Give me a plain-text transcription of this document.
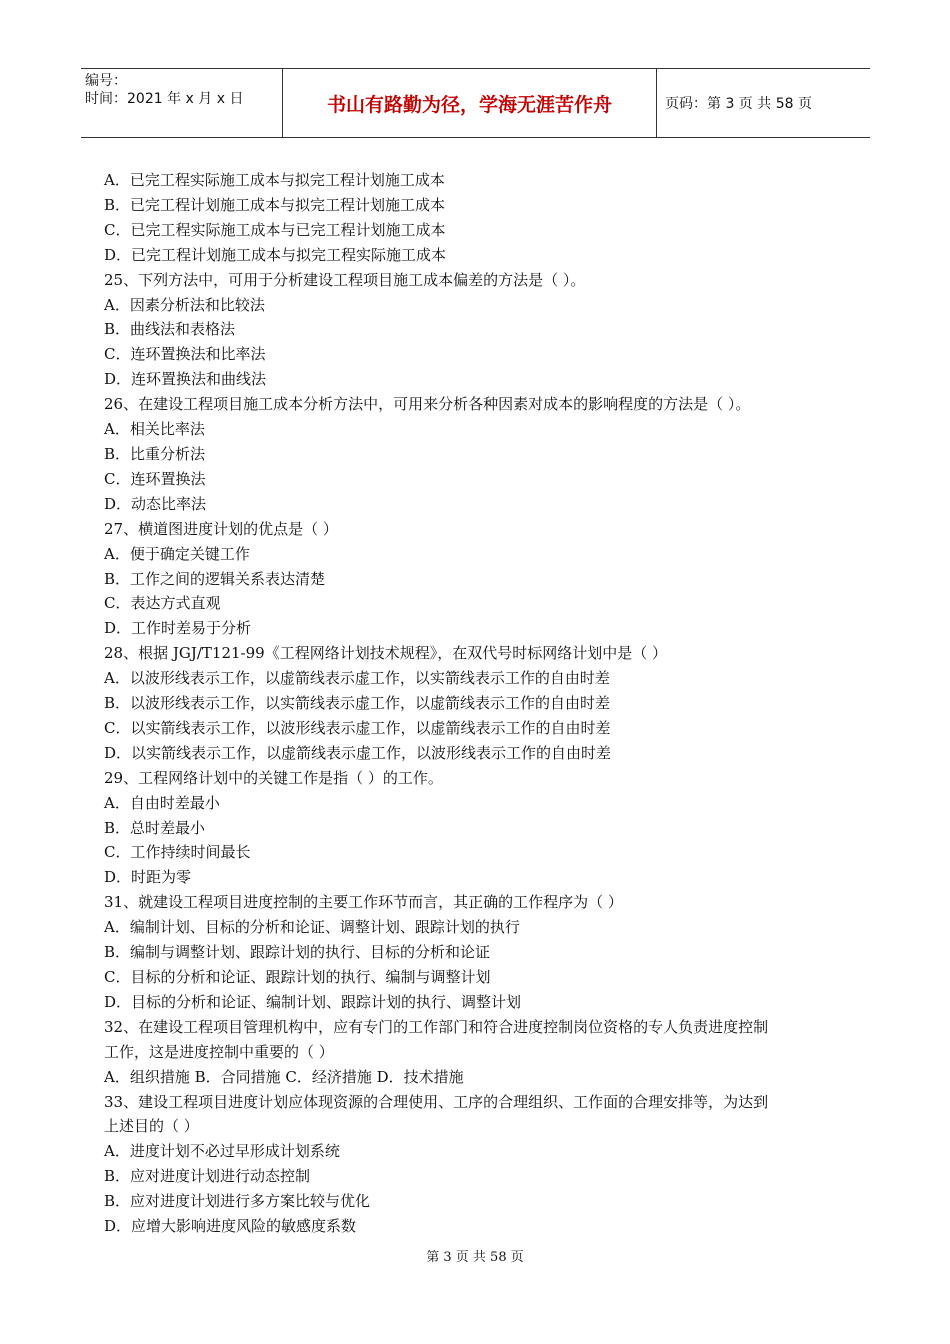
编号：
时间：2021 年 x 月 x 日	书山有路勤为径，学海无涯苦作舟	页码：第 3 页 共 58 页
A．已完工程实际施工成本与拟完工程计划施工成本
B．已完工程计划施工成本与拟完工程计划施工成本
C．已完工程实际施工成本与已完工程计划施工成本
D．已完工程计划施工成本与拟完工程实际施工成本
25、下列方法中，可用于分析建设工程项目施工成本偏差的方法是（ ）。
A．因素分析法和比较法
B．曲线法和表格法
C．连环置换法和比率法
D．连环置换法和曲线法
26、在建设工程项目施工成本分析方法中，可用来分析各种因素对成本的影响程度的方法是（ ）。
A．相关比率法
B．比重分析法
C．连环置换法
D．动态比率法
27、横道图进度计划的优点是（ ）
A．便于确定关键工作
B．工作之间的逻辑关系表达清楚
C．表达方式直观
D．工作时差易于分析
28、根据 JGJ/T121-99《工程网络计划技术规程》，在双代号时标网络计划中是（ ）
A．以波形线表示工作，以虚箭线表示虚工作，以实箭线表示工作的自由时差
B．以波形线表示工作，以实箭线表示虚工作，以虚箭线表示工作的自由时差
C．以实箭线表示工作，以波形线表示虚工作，以虚箭线表示工作的自由时差
D．以实箭线表示工作，以虚箭线表示虚工作，以波形线表示工作的自由时差
29、工程网络计划中的关键工作是指（ ）的工作。
A．自由时差最小
B．总时差最小
C．工作持续时间最长
D．时距为零
31、就建设工程项目进度控制的主要工作环节而言，其正确的工作程序为（ ）
A．编制计划、目标的分析和论证、调整计划、跟踪计划的执行
B．编制与调整计划、跟踪计划的执行、目标的分析和论证
C．目标的分析和论证、跟踪计划的执行、编制与调整计划
D．目标的分析和论证、编制计划、跟踪计划的执行、调整计划
32、在建设工程项目管理机构中，应有专门的工作部门和符合进度控制岗位资格的专人负责进度控制
工作，这是进度控制中重要的（ ）
A．组织措施 B．合同措施 C．经济措施 D．技术措施
33、建设工程项目进度计划应体现资源的合理使用、工序的合理组织、工作面的合理安排等，为达到
上述目的（ ）
A．进度计划不必过早形成计划系统
B．应对进度计划进行动态控制
B．应对进度计划进行多方案比较与优化
D．应增大影响进度风险的敏感度系数
第 3 页 共 58 页
